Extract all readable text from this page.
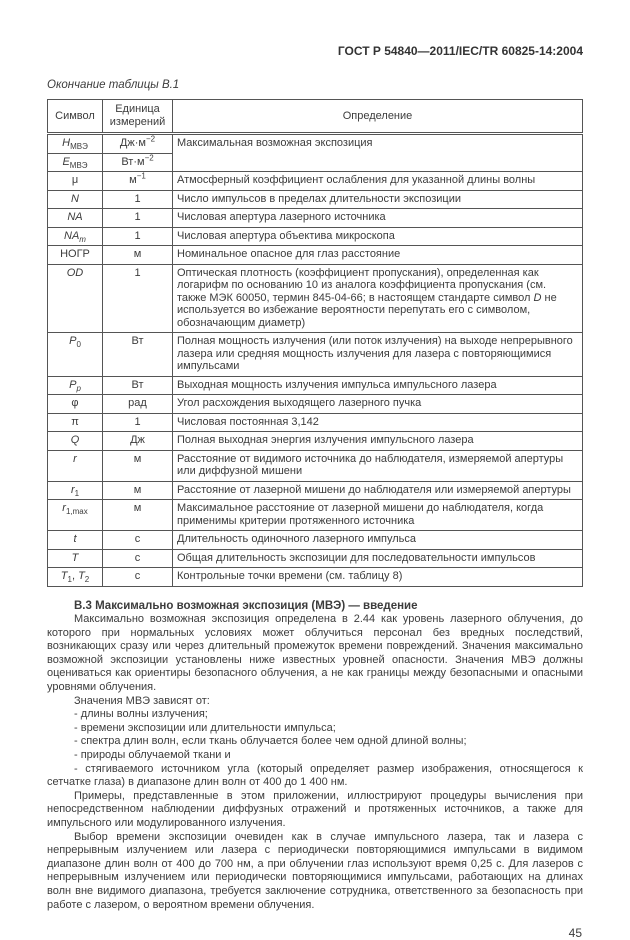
ГОСТ Р 54840—2011/IEC/TR 60825-14:2004
Окончание таблицы В.1
Символ	Единица измерений	Определение
$H_{МВЭ}$	$Дж\cdot м^{-2}$	Максимальная возможная экспозиция
$E_{МВЭ}$	$Вт\cdot м^{-2}$
μ	$м^{-1}$	Атмосферный коэффициент ослабления для указанной длины волны
N	1	Число импульсов в пределах длительности экспозиции
NA	1	Числовая апертура лазерного источника
$NA_m$	1	Числовая апертура объектива микроскопа
НОГР	м	Номинальное опасное для глаз расстояние
OD	1	Оптическая плотность (коэффициент пропускания), определенная как логарифм по основанию 10 из аналога коэффициента пропускания (см. также МЭК 60050, термин 845-04-66; в настоящем стандарте символ D не используется во избежание вероятности перепутать его с символом, обозначающим диаметр)
$P_0$	Вт	Полная мощность излучения (или поток излучения) на выходе непрерывного лазера или средняя мощность излучения для лазера с повторяющимися импульсами
$P_p$	Вт	Выходная мощность излучения импульса импульсного лазера
φ	рад	Угол расхождения выходящего лазерного пучка
π	1	Числовая постоянная 3,142
Q	Дж	Полная выходная энергия излучения импульсного лазера
r	м	Расстояние от видимого источника до наблюдателя, измеряемой апертуры или диффузной мишени
$r_1$	м	Расстояние от лазерной мишени до наблюдателя или измеряемой апертуры
$r_{1,max}$	м	Максимальное расстояние от лазерной мишени до наблюдателя, когда применимы критерии протяженного источника
t	с	Длительность одиночного лазерного импульса
T	с	Общая длительность экспозиции для последовательности импульсов
$T_1$, $T_2$	с	Контрольные точки времени (см. таблицу 8)

В.3 Максимально возможная экспозиция (МВЭ) — введение

Максимально возможная экспозиция определена в 2.44 как уровень лазерного облучения, до которого при нормальных условиях может облучиться персонал без вредных последствий, возникающих сразу или через длительный промежуток времени повреждений. Значения максимально возможной экспозиции установлены ниже известных уровней опасности. Значения МВЭ должны оцениваться как ориентиры безопасного облучения, а не как границы между безопасными и опасными уровнями облучения.

Значения МВЭ зависят от:

- длины волны излучения;

- времени экспозиции или длительности импульса;

- спектра длин волн, если ткань облучается более чем одной длиной волны;

- природы облучаемой ткани и

- стягиваемого источником угла (который определяет размер изображения, относящегося к сетчатке глаза) в диапазоне длин волн от 400 до 1 400 нм.

Примеры, представленные в этом приложении, иллюстрируют процедуры вычисления при непосредственном наблюдении диффузных отражений и протяженных источников, а также для импульсного или модулированного излучения.

Выбор времени экспозиции очевиден как в случае импульсного лазера, так и лазера с непрерывным излучением или лазера с периодически повторяющимися импульсами в видимом диапазоне длин волн от 400 до 700 нм, а при облучении глаз используют время 0,25 с. Для лазеров с непрерывным излучением или периодически повторяющимися импульсами, работающих на длинах волн вне видимого диапазона, требуется заключение сотрудника, ответственного за безопасность при работе с лазером, о вероятном времени облучения.

45
